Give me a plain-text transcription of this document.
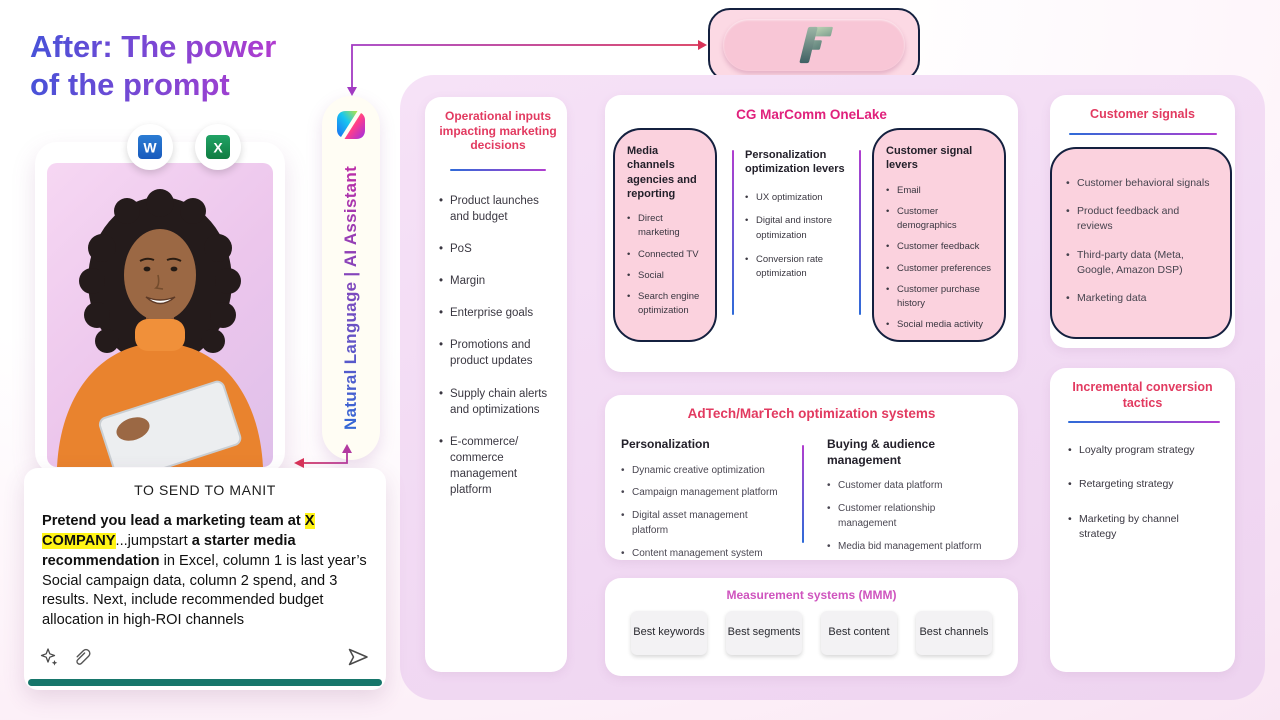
After: The power
of the prompt
Natural Language | AI Assistant
W	X
TO SEND TO MANIT

Pretend you lead a marketing team at X COMPANY...jumpstart a starter media recommendation in Excel, column 1 is last year’s Social campaign data, column 2 spend, and 3 results. Next, include recommended budget allocation in high-ROI channels

Operational inputs impacting marketing decisions
• Product launches and budget
• PoS
• Margin
• Enterprise goals
• Promotions and product updates
• Supply chain alerts and optimizations
• E-commerce/ commerce management platform
CG MarComm OneLake
Media channels agencies and reporting
• Direct marketing
• Connected TV
• Social
• Search engine optimization
Personalization optimization levers
• UX optimization
• Digital and instore optimization
• Conversion rate optimization
Customer signal levers
• Email
• Customer demographics
• Customer feedback
• Customer preferences
• Customer purchase history
• Social media activity
AdTech/MarTech optimization systems
Personalization
• Dynamic creative optimization
• Campaign management platform
• Digital asset management platform
• Content management system
Buying & audience management
• Customer data platform
• Customer relationship management
• Media bid management platform
Measurement systems (MMM)
Best keywords Best segments	Best content	Best channels
Customer signals
• Customer behavioral signals
• Product feedback and reviews
• Third-party data (Meta, Google, Amazon DSP)
• Marketing data
Incremental conversion tactics
• Loyalty program strategy
• Retargeting strategy
• Marketing by channel strategy
